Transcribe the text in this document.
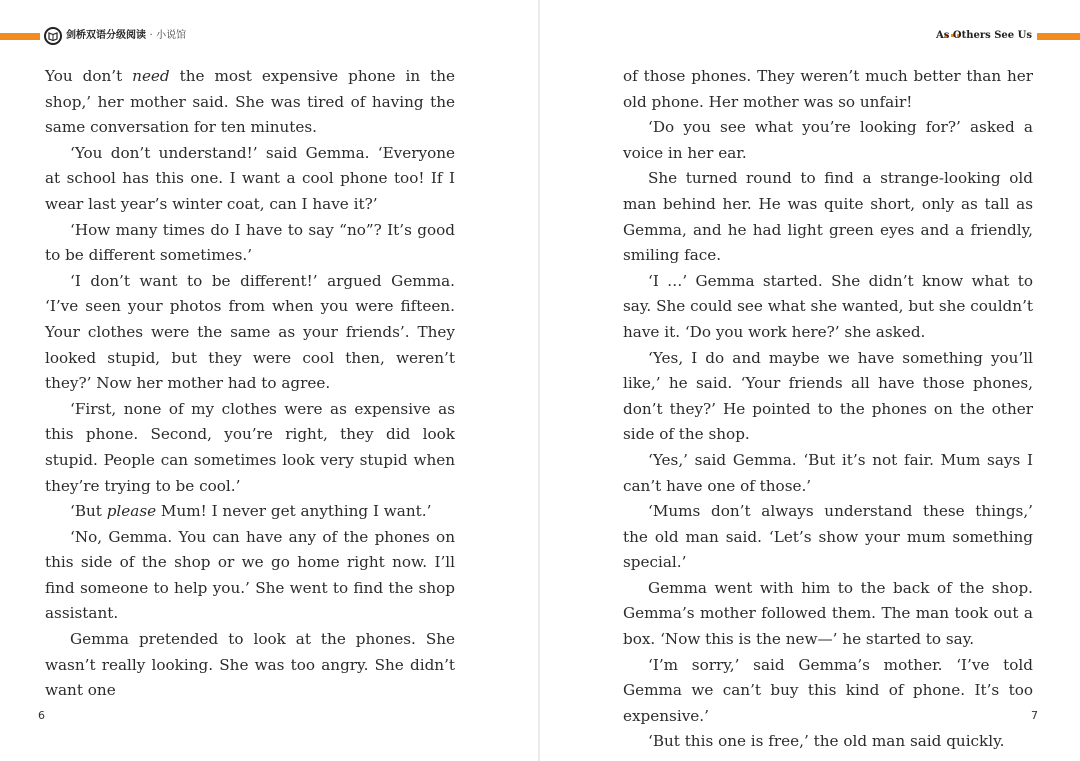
剑桥双语分级阅读 · 小说馆

You don’t need the most expensive phone in the shop,’ her mother said. She was tired of having the same conversation for ten minutes.

‘You don’t understand!’ said Gemma. ‘Everyone at school has this one. I want a cool phone too! If I wear last year’s winter coat, can I have it?’

‘How many times do I have to say “no”? It’s good to be different sometimes.’

‘I don’t want to be different!’ argued Gemma. ‘I’ve seen your photos from when you were fifteen. Your clothes were the same as your friends’. They looked stupid, but they were cool then, weren’t they?’ Now her mother had to agree.

‘First, none of my clothes were as expensive as this phone. Second, you’re right, they did look stupid. People can sometimes look very stupid when they’re trying to be cool.’

‘But please Mum! I never get anything I want.’

‘No, Gemma. You can have any of the phones on this side of the shop or we go home right now. I’ll find someone to help you.’ She went to find the shop assistant.

Gemma pretended to look at the phones. She wasn’t really looking. She was too angry. She didn’t want one

6
As Others See Us

of those phones. They weren’t much better than her old phone. Her mother was so unfair!

‘Do you see what you’re looking for?’ asked a voice in her ear.

She turned round to find a strange-looking old man behind her. He was quite short, only as tall as Gemma, and he had light green eyes and a friendly, smiling face.

‘I …’ Gemma started. She didn’t know what to say. She could see what she wanted, but she couldn’t have it. ‘Do you work here?’ she asked.

‘Yes, I do and maybe we have something you’ll like,’ he said. ‘Your friends all have those phones, don’t they?’ He pointed to the phones on the other side of the shop.

‘Yes,’ said Gemma. ‘But it’s not fair. Mum says I can’t have one of those.’

‘Mums don’t always understand these things,’ the old man said. ‘Let’s show your mum something special.’

Gemma went with him to the back of the shop. Gemma’s mother followed them. The man took out a box. ‘Now this is the new—’ he started to say.

‘I’m sorry,’ said Gemma’s mother. ‘I’ve told Gemma we can’t buy this kind of phone. It’s too expensive.’

‘But this one is free,’ the old man said quickly.

7
